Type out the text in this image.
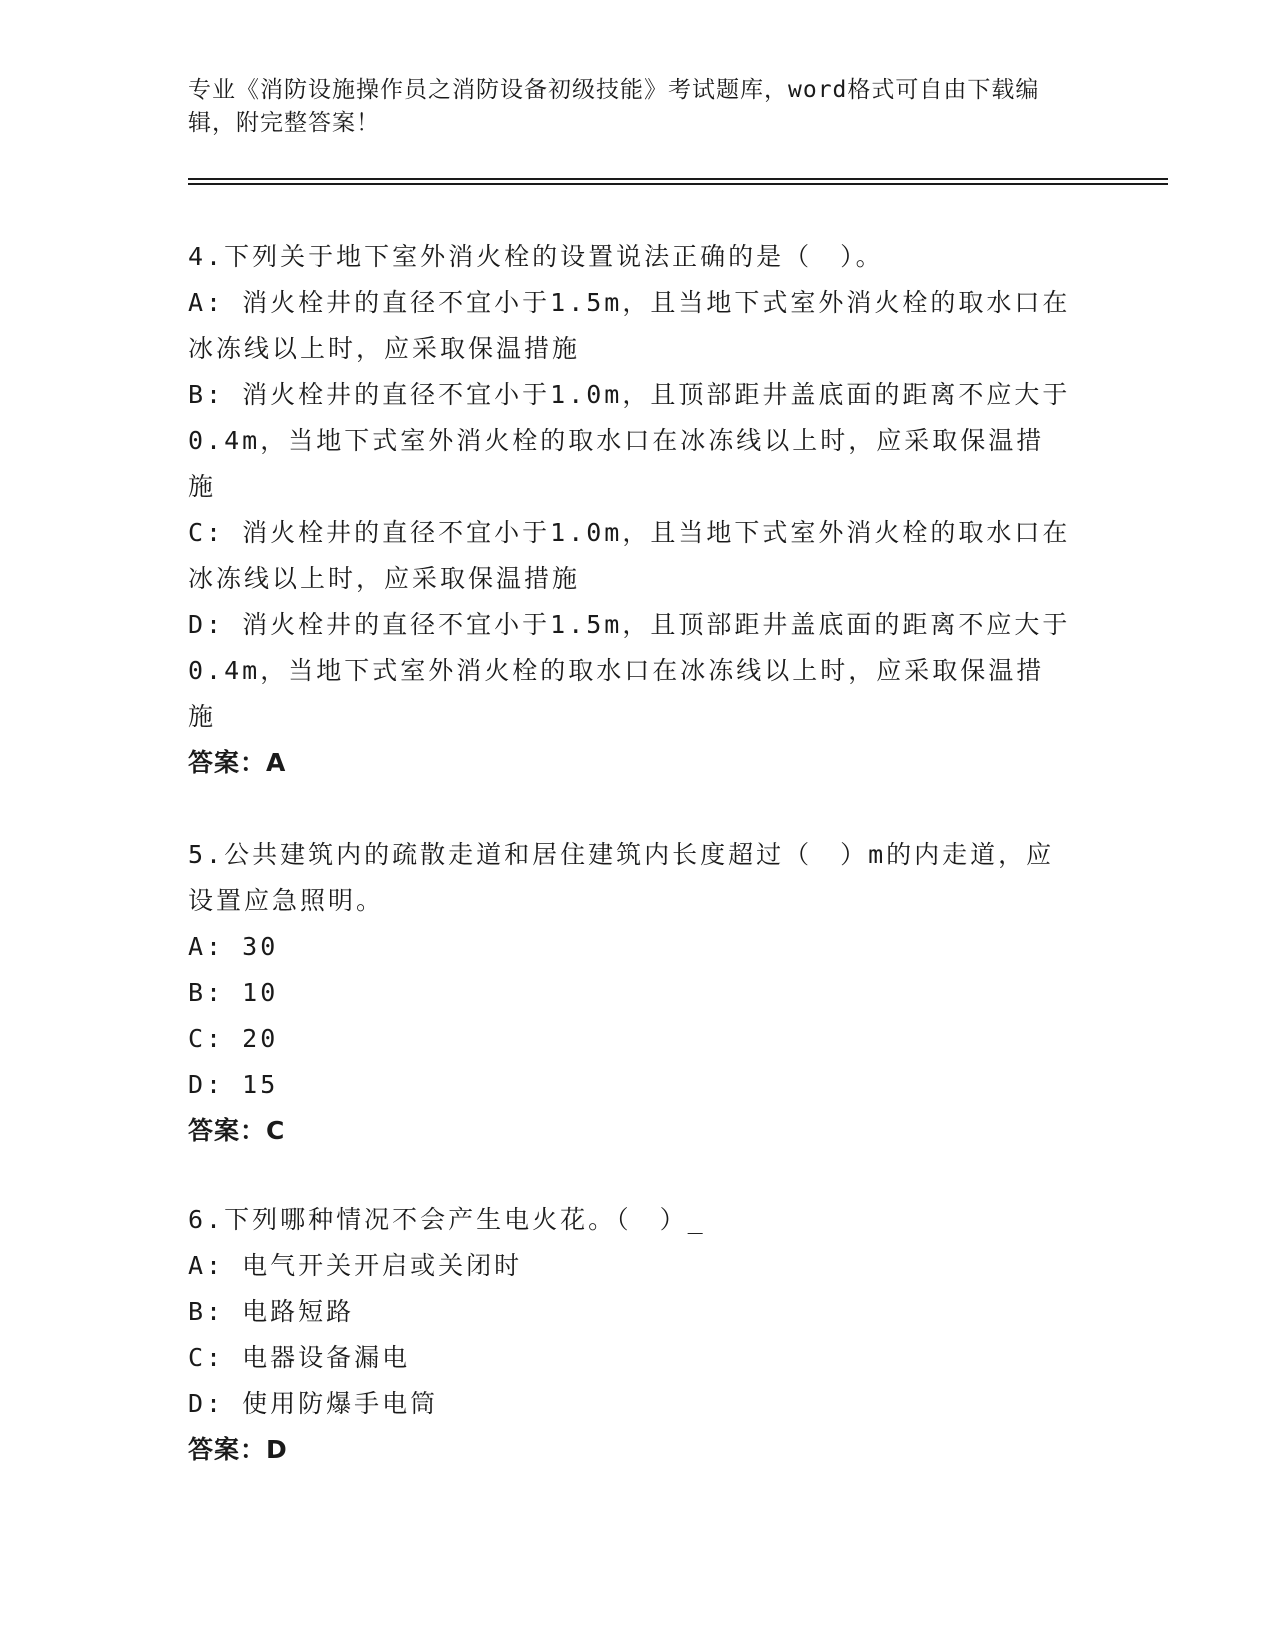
专业《消防设施操作员之消防设备初级技能》考试题库，word格式可自由下载编
辑，附完整答案！
4.下列关于地下室外消火栓的设置说法正确的是（　）。
A: 消火栓井的直径不宜小于1.5m，且当地下式室外消火栓的取水口在
冰冻线以上时，应采取保温措施
B: 消火栓井的直径不宜小于1.0m，且顶部距井盖底面的距离不应大于
0.4m，当地下式室外消火栓的取水口在冰冻线以上时，应采取保温措
施
C: 消火栓井的直径不宜小于1.0m，且当地下式室外消火栓的取水口在
冰冻线以上时，应采取保温措施
D: 消火栓井的直径不宜小于1.5m，且顶部距井盖底面的距离不应大于
0.4m，当地下式室外消火栓的取水口在冰冻线以上时，应采取保温措
施
答案：A
5.公共建筑内的疏散走道和居住建筑内长度超过（　）m的内走道，应
设置应急照明。
A: 30
B: 10
C: 20
D: 15
答案：C
6.下列哪种情况不会产生电火花。（　）_
A: 电气开关开启或关闭时
B: 电路短路
C: 电器设备漏电
D: 使用防爆手电筒
答案：D
